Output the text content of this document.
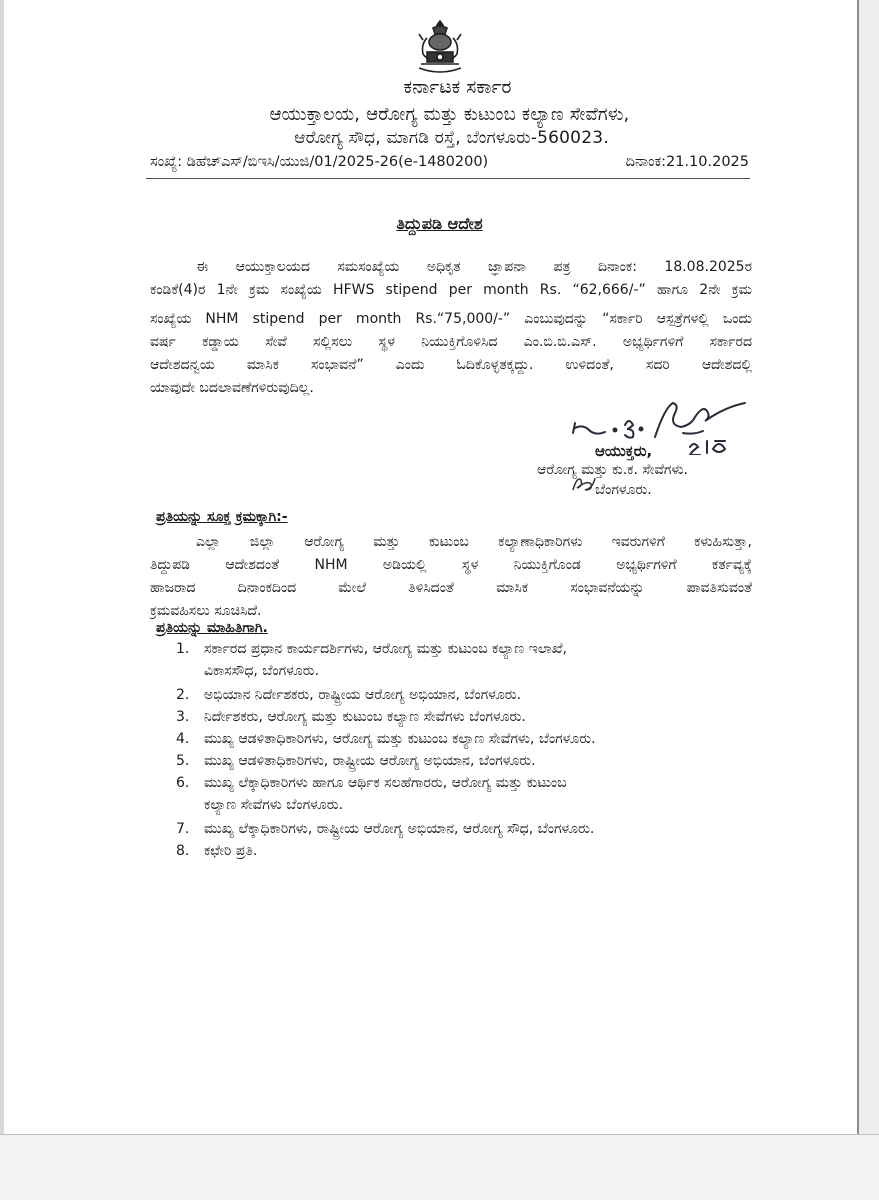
ಕರ್ನಾಟಕ ಸರ್ಕಾರ
ಆಯುಕ್ತಾಲಯ, ಆರೋಗ್ಯ ಮತ್ತು ಕುಟುಂಬ ಕಲ್ಯಾಣ ಸೇವೆಗಳು,
ಆರೋಗ್ಯ ಸೌಧ, ಮಾಗಡಿ ರಸ್ತೆ, ಬೆಂಗಳೂರು-560023.
ಸಂಖ್ಯೆ: ಡಿಹೆಚ್ಎಸ್/ಬಿಇಸಿ/ಯುಜಿ/01/2025-26(e-1480200)	ದಿನಾಂಕ:21.10.2025
ತಿದ್ದುಪಡಿ ಆದೇಶ

ಈ ಆಯುಕ್ತಾಲಯದ ಸಮಸಂಖ್ಯೆಯ ಅಧಿಕೃತ ಜ್ಞಾಪನಾ ಪತ್ರ ದಿನಾಂಕ: 18.08.2025ರ

ಕಂಡಿಕೆ(4)ರ 1ನೇ ಕ್ರಮ ಸಂಖ್ಯೆಯ HFWS stipend per month Rs. “62,666/-” ಹಾಗೂ 2ನೇ ಕ್ರಮ

ಸಂಖ್ಯೆಯ NHM stipend per month Rs.“75,000/-” ಎಂಬುವುದನ್ನು “ಸರ್ಕಾರಿ ಆಸ್ಪತ್ರೆಗಳಲ್ಲಿ ಒಂದು

ವರ್ಷ ಕಡ್ಡಾಯ ಸೇವೆ ಸಲ್ಲಿಸಲು ಸ್ಥಳ ನಿಯುಕ್ತಿಗೊಳಿಸಿದ ಎಂ.ಬಿ.ಬಿ.ಎಸ್. ಅಭ್ಯರ್ಥಿಗಳಿಗೆ ಸರ್ಕಾರದ

ಆದೇಶದನ್ವಯ ಮಾಸಿಕ ಸಂಭಾವನೆ” ಎಂದು ಓದಿಕೊಳ್ಳತಕ್ಕದ್ದು. ಉಳಿದಂತೆ, ಸದರಿ ಆದೇಶದಲ್ಲಿ

ಯಾವುದೇ ಬದಲಾವಣೆಗಳಿರುವುದಿಲ್ಲ.

ಆಯುಕ್ತರು,
ಆರೋಗ್ಯ ಮತ್ತು ಕು.ಕ. ಸೇವೆಗಳು.
ಬೆಂಗಳೂರು.
ಪ್ರತಿಯನ್ನು ಸೂಕ್ತ ಕ್ರಮಕ್ಕಾಗಿ:-

ಎಲ್ಲಾ ಜಿಲ್ಲಾ ಆರೋಗ್ಯ ಮತ್ತು ಕುಟುಂಬ ಕಲ್ಯಾಣಾಧಿಕಾರಿಗಳು ಇವರುಗಳಿಗೆ ಕಳುಹಿಸುತ್ತಾ,

ತಿದ್ದುಪಡಿ ಆದೇಶದಂತೆ NHM ಅಡಿಯಲ್ಲಿ ಸ್ಥಳ ನಿಯುಕ್ತಿಗೊಂಡ ಅಭ್ಯರ್ಥಿಗಳಿಗೆ ಕರ್ತವ್ಯಕ್ಕೆ

ಹಾಜರಾದ ದಿನಾಂಕದಿಂದ ಮೇಲೆ ತಿಳಿಸಿದಂತೆ ಮಾಸಿಕ ಸಂಭಾವನೆಯನ್ನು ಪಾವತಿಸುವಂತೆ

ಕ್ರಮವಹಿಸಲು ಸೂಚಿಸಿದೆ.

ಪ್ರತಿಯನ್ನು ಮಾಹಿತಿಗಾಗಿ.
1.	ಸರ್ಕಾರದ ಪ್ರಧಾನ ಕಾರ್ಯದರ್ಶಿಗಳು, ಆರೋಗ್ಯ ಮತ್ತು ಕುಟುಂಬ ಕಲ್ಯಾಣ ಇಲಾಖೆ,
ವಿಕಾಸಸೌಧ, ಬೆಂಗಳೂರು.
2.	ಅಭಿಯಾನ ನಿರ್ದೇಶಕರು, ರಾಷ್ಟ್ರೀಯ ಆರೋಗ್ಯ ಅಭಿಯಾನ, ಬೆಂಗಳೂರು.
3.	ನಿರ್ದೇಶಕರು, ಆರೋಗ್ಯ ಮತ್ತು ಕುಟುಂಬ ಕಲ್ಯಾಣ ಸೇವೆಗಳು ಬೆಂಗಳೂರು.
4.	ಮುಖ್ಯ ಆಡಳಿತಾಧಿಕಾರಿಗಳು, ಆರೋಗ್ಯ ಮತ್ತು ಕುಟುಂಬ ಕಲ್ಯಾಣ ಸೇವೆಗಳು, ಬೆಂಗಳೂರು.
5.	ಮುಖ್ಯ ಆಡಳಿತಾಧಿಕಾರಿಗಳು, ರಾಷ್ಟ್ರೀಯ ಆರೋಗ್ಯ ಅಭಿಯಾನ, ಬೆಂಗಳೂರು.
6.	ಮುಖ್ಯ ಲೆಕ್ಕಾಧಿಕಾರಿಗಳು ಹಾಗೂ ಆರ್ಥಿಕ ಸಲಹೆಗಾರರು, ಆರೋಗ್ಯ ಮತ್ತು ಕುಟುಂಬ
ಕಲ್ಯಾಣ ಸೇವೆಗಳು ಬೆಂಗಳೂರು.
7.	ಮುಖ್ಯ ಲೆಕ್ಕಾಧಿಕಾರಿಗಳು, ರಾಷ್ಟ್ರೀಯ ಆರೋಗ್ಯ ಅಭಿಯಾನ, ಆರೋಗ್ಯ ಸೌಧ, ಬೆಂಗಳೂರು.
8.	ಕಛೇರಿ ಪ್ರತಿ.
